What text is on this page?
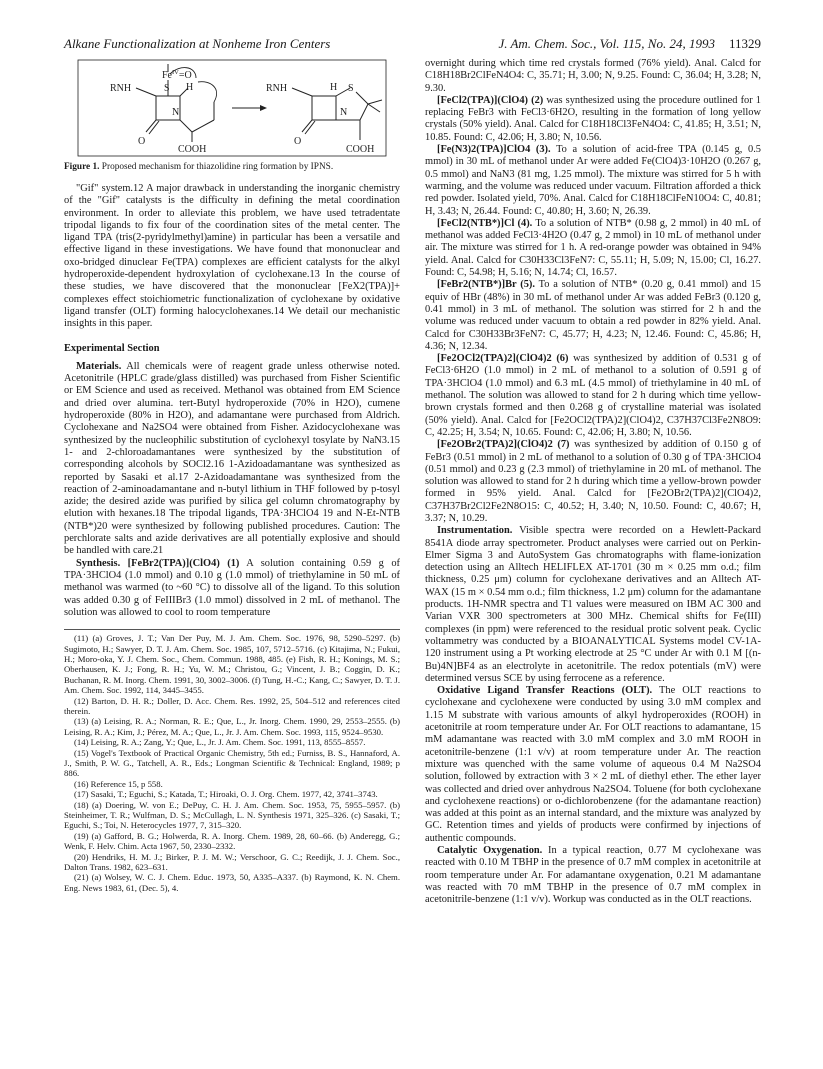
Alkane Functionalization at Nonheme Iron Centers	J. Am. Chem. Soc., Vol. 115, No. 24, 1993 11329
$Fe^{IV}=O$
RNH	S H
N
O
COOH
RNH	S
H
N
O
COOH
Figure 1. Proposed mechanism for thiazolidine ring formation by IPNS.

"Gif" system.12 A major drawback in understanding the inorganic chemistry of the "Gif" catalysts is the difficulty in defining the metal coordination environment. In order to alleviate this problem, we have used tetradentate tripodal ligands to fix four of the coordination sites of the metal center. The ligand TPA (tris(2-pyridylmethyl)amine) in particular has been a versatile and effective ligand in these investigations. We have found that mononuclear and oxo-bridged dinuclear Fe(TPA) complexes are efficient catalysts for the alkyl hydroperoxide-dependent hydroxylation of cyclohexane.13 In the course of these studies, we have discovered that the mononuclear [FeX2(TPA)]+ complexes effect stoichiometric functionalization of cyclohexane by oxidative ligand transfer (OLT) forming halocyclohexanes.14 We detail our mechanistic insights in this paper.

Experimental Section

Materials. All chemicals were of reagent grade unless otherwise noted. Acetonitrile (HPLC grade/glass distilled) was purchased from Fisher Scientific or EM Science and used as received. Methanol was obtained from EM Science and dried over alumina. tert-Butyl hydroperoxide (70% in H2O), cumene hydroperoxide (80% in H2O), and adamantane were purchased from Aldrich. Cyclohexane and Na2SO4 were obtained from Fisher. Azidocyclohexane was synthesized by the nucleophilic substitution of cyclohexyl tosylate by NaN3.15 1- and 2-chloroadamantanes were synthesized by the substitution of corresponding alcohols by SOCl2.16 1-Azidoadamantane was synthesized as reported by Sasaki et al.17 2-Azidoadamantane was synthesized from the reaction of 2-aminoadamantane and n-butyl lithium in THF followed by p-tosyl azide; the desired azide was purified by silica gel column chromatography by elution with hexanes.18 The tripodal ligands, TPA·3HClO4 19 and N-Et-NTB (NTB*)20 were synthesized by following published procedures. Caution: The perchlorate salts and azide derivatives are all potentially explosive and should be handled with care.21

Synthesis. [FeBr2(TPA)](ClO4) (1) A solution containing 0.59 g of TPA·3HClO4 (1.0 mmol) and 0.10 g (1.0 mmol) of triethylamine in 50 mL of methanol was warmed (to ~60 °C) to dissolve all of the ligand. To this solution was added 0.30 g of FeIIIBr3 (1.0 mmol) dissolved in 2 mL of methanol. The solution was allowed to cool to room temperature

(11) (a) Groves, J. T.; Van Der Puy, M. J. Am. Chem. Soc. 1976, 98, 5290–5297. (b) Sugimoto, H.; Sawyer, D. T. J. Am. Chem. Soc. 1985, 107, 5712–5716. (c) Kitajima, N.; Fukui, H.; Moro-oka, Y. J. Chem. Soc., Chem. Commun. 1988, 485. (e) Fish, R. H.; Konings, M. S.; Oberhausen, K. J.; Fong, R. H.; Yu, W. M.; Christou, G.; Vincent, J. B.; Coggin, D. K.; Buchanan, R. M. Inorg. Chem. 1991, 30, 3002–3006. (f) Tung, H.-C.; Kang, C.; Sawyer, D. T. J. Am. Chem. Soc. 1992, 114, 3445–3455.

(12) Barton, D. H. R.; Doller, D. Acc. Chem. Res. 1992, 25, 504–512 and references cited therein.

(13) (a) Leising, R. A.; Norman, R. E.; Que, L., Jr. Inorg. Chem. 1990, 29, 2553–2555. (b) Leising, R. A.; Kim, J.; Pérez, M. A.; Que, L., Jr. J. Am. Chem. Soc. 1993, 115, 9524–9530.

(14) Leising, R. A.; Zang, Y.; Que, L., Jr. J. Am. Chem. Soc. 1991, 113, 8555–8557.

(15) Vogel's Textbook of Practical Organic Chemistry, 5th ed.; Furniss, B. S., Hannaford, A. J., Smith, P. W. G., Tatchell, A. R., Eds.; Longman Scientific & Technical: England, 1989; p 886.

(16) Reference 15, p 558.

(17) Sasaki, T.; Eguchi, S.; Katada, T.; Hiroaki, O. J. Org. Chem. 1977, 42, 3741–3743.

(18) (a) Doering, W. von E.; DePuy, C. H. J. Am. Chem. Soc. 1953, 75, 5955–5957. (b) Steinheimer, T. R.; Wulfman, D. S.; McCullagh, L. N. Synthesis 1971, 325–326. (c) Sasaki, T.; Eguchi, S.; Toi, N. Heterocycles 1977, 7, 315–320.

(19) (a) Gafford, B. G.; Holwerda, R. A. Inorg. Chem. 1989, 28, 60–66. (b) Anderegg, G.; Wenk, F. Helv. Chim. Acta 1967, 50, 2330–2332.

(20) Hendriks, H. M. J.; Birker, P. J. M. W.; Verschoor, G. C.; Reedijk, J. J. Chem. Soc., Dalton Trans. 1982, 623–631.

(21) (a) Wolsey, W. C. J. Chem. Educ. 1973, 50, A335–A337. (b) Raymond, K. N. Chem. Eng. News 1983, 61, (Dec. 5), 4.

overnight during which time red crystals formed (76% yield). Anal. Calcd for C18H18Br2ClFeN4O4: C, 35.71; H, 3.00; N, 9.25. Found: C, 36.04; H, 3.28; N, 9.30.

[FeCl2(TPA)](ClO4) (2) was synthesized using the procedure outlined for 1 replacing FeBr3 with FeCl3·6H2O, resulting in the formation of long yellow crystals (50% yield). Anal. Calcd for C18H18Cl3FeN4O4: C, 41.85; H, 3.51; N, 10.85. Found: C, 42.06; H, 3.80; N, 10.56.

[Fe(N3)2(TPA)]ClO4 (3). To a solution of acid-free TPA (0.145 g, 0.5 mmol) in 30 mL of methanol under Ar were added Fe(ClO4)3·10H2O (0.267 g, 0.5 mmol) and NaN3 (81 mg, 1.25 mmol). The mixture was stirred for 5 h with warming, and the volume was reduced under vacuum. Filtration afforded a thick red powder. Isolated yield, 70%. Anal. Calcd for C18H18ClFeN10O4: C, 40.81; H, 3.43; N, 26.44. Found: C, 40.80; H, 3.60; N, 26.39.

[FeCl2(NTB*)]Cl (4). To a solution of NTB* (0.98 g, 2 mmol) in 40 mL of methanol was added FeCl3·4H2O (0.47 g, 2 mmol) in 10 mL of methanol under air. The mixture was stirred for 1 h. A red-orange powder was obtained in 94% yield. Anal. Calcd for C30H33Cl3FeN7: C, 55.11; H, 5.09; N, 15.00; Cl, 16.27. Found: C, 54.98; H, 5.16; N, 14.74; Cl, 16.57.

[FeBr2(NTB*)]Br (5). To a solution of NTB* (0.20 g, 0.41 mmol) and 15 equiv of HBr (48%) in 30 mL of methanol under Ar was added FeBr3 (0.120 g, 0.41 mmol) in 3 mL of methanol. The solution was stirred for 2 h and the volume was reduced under vacuum to obtain a red powder in 82% yield. Anal. Calcd for C30H33Br3FeN7: C, 45.77; H, 4.23; N, 12.46. Found: C, 45.86; H, 4.36; N, 12.34.

[Fe2OCl2(TPA)2](ClO4)2 (6) was synthesized by addition of 0.531 g of FeCl3·6H2O (1.0 mmol) in 2 mL of methanol to a solution of 0.591 g of TPA·3HClO4 (1.0 mmol) and 6.3 mL (4.5 mmol) of triethylamine in 40 mL of methanol. The solution was allowed to stand for 2 h during which time yellow-brown crystals formed and then 0.268 g of crystalline material was isolated (50% yield). Anal. Calcd for [Fe2OCl2(TPA)2](ClO4)2, C37H37Cl3Fe2N8O9: C, 42.25; H, 3.54; N, 10.65. Found: C, 42.06; H, 3.80; N, 10.56.

[Fe2OBr2(TPA)2](ClO4)2 (7) was synthesized by addition of 0.150 g of FeBr3 (0.51 mmol) in 2 mL of methanol to a solution of 0.30 g of TPA·3HClO4 (0.51 mmol) and 0.23 g (2.3 mmol) of triethylamine in 20 mL of methanol. The solution was allowed to stand for 2 h during which time a yellow-brown powder formed in 95% yield. Anal. Calcd for [Fe2OBr2(TPA)2](ClO4)2, C37H37Br2Cl2Fe2N8O15: C, 40.52; H, 3.40; N, 10.50. Found: C, 40.67; H, 3.37; N, 10.29.

Instrumentation. Visible spectra were recorded on a Hewlett-Packard 8541A diode array spectrometer. Product analyses were carried out on Perkin-Elmer Sigma 3 and AutoSystem Gas chromatographs with flame-ionization detection using an Alltech HELIFLEX AT-1701 (30 m × 0.25 mm o.d.; film thickness, 0.25 μm) column for cyclohexane derivatives and an Alltech AT-WAX (15 m × 0.54 mm o.d.; film thickness, 1.2 μm) column for the adamantane products. 1H-NMR spectra and T1 values were measured on IBM AC 300 and Varian VXR 300 spectrometers at 300 MHz. Chemical shifts for Fe(III) complexes (in ppm) were referenced to the residual protic solvent peak. Cyclic voltammetry was conducted by a BIOANALYTICAL Systems model CV-1A-120 instrument using a Pt working electrode at 25 °C under Ar with 0.1 M [(n-Bu)4N]BF4 as an electrolyte in acetonitrile. The redox potentials (mV) were determined versus SCE by using ferrocene as a reference.

Oxidative Ligand Transfer Reactions (OLT). The OLT reactions to cyclohexane and cyclohexene were conducted by using 3.0 mM complex and 1.15 M substrate with various amounts of alkyl hydroperoxides (ROOH) in acetonitrile at room temperature under Ar. For OLT reactions to adamantane, 15 mM adamantane was reacted with 3.0 mM complex and 3.0 mM ROOH in acetonitrile-benzene (1:1 v/v) at room temperature under Ar. The reaction mixture was quenched with the same volume of aqueous 0.4 M Na2SO4 solution, followed by extraction with 3 × 2 mL of diethyl ether. The ether layer was collected and dried over anhydrous Na2SO4. Toluene (for both cyclohexane and cyclohexene reactions) or o-dichlorobenzene (for the adamantane reaction) was added at this point as an internal standard, and the mixture was analyzed by GC. Retention times and yields of products were confirmed by injections of authentic compounds.

Catalytic Oxygenation. In a typical reaction, 0.77 M cyclohexane was reacted with 0.10 M TBHP in the presence of 0.7 mM complex in acetonitrile at room temperature under Ar. For adamantane oxygenation, 0.21 M adamantane was reacted with 70 mM TBHP in the presence of 0.7 mM complex in acetonitrile-benzene (1:1 v/v). Workup was conducted as in the OLT reactions.
